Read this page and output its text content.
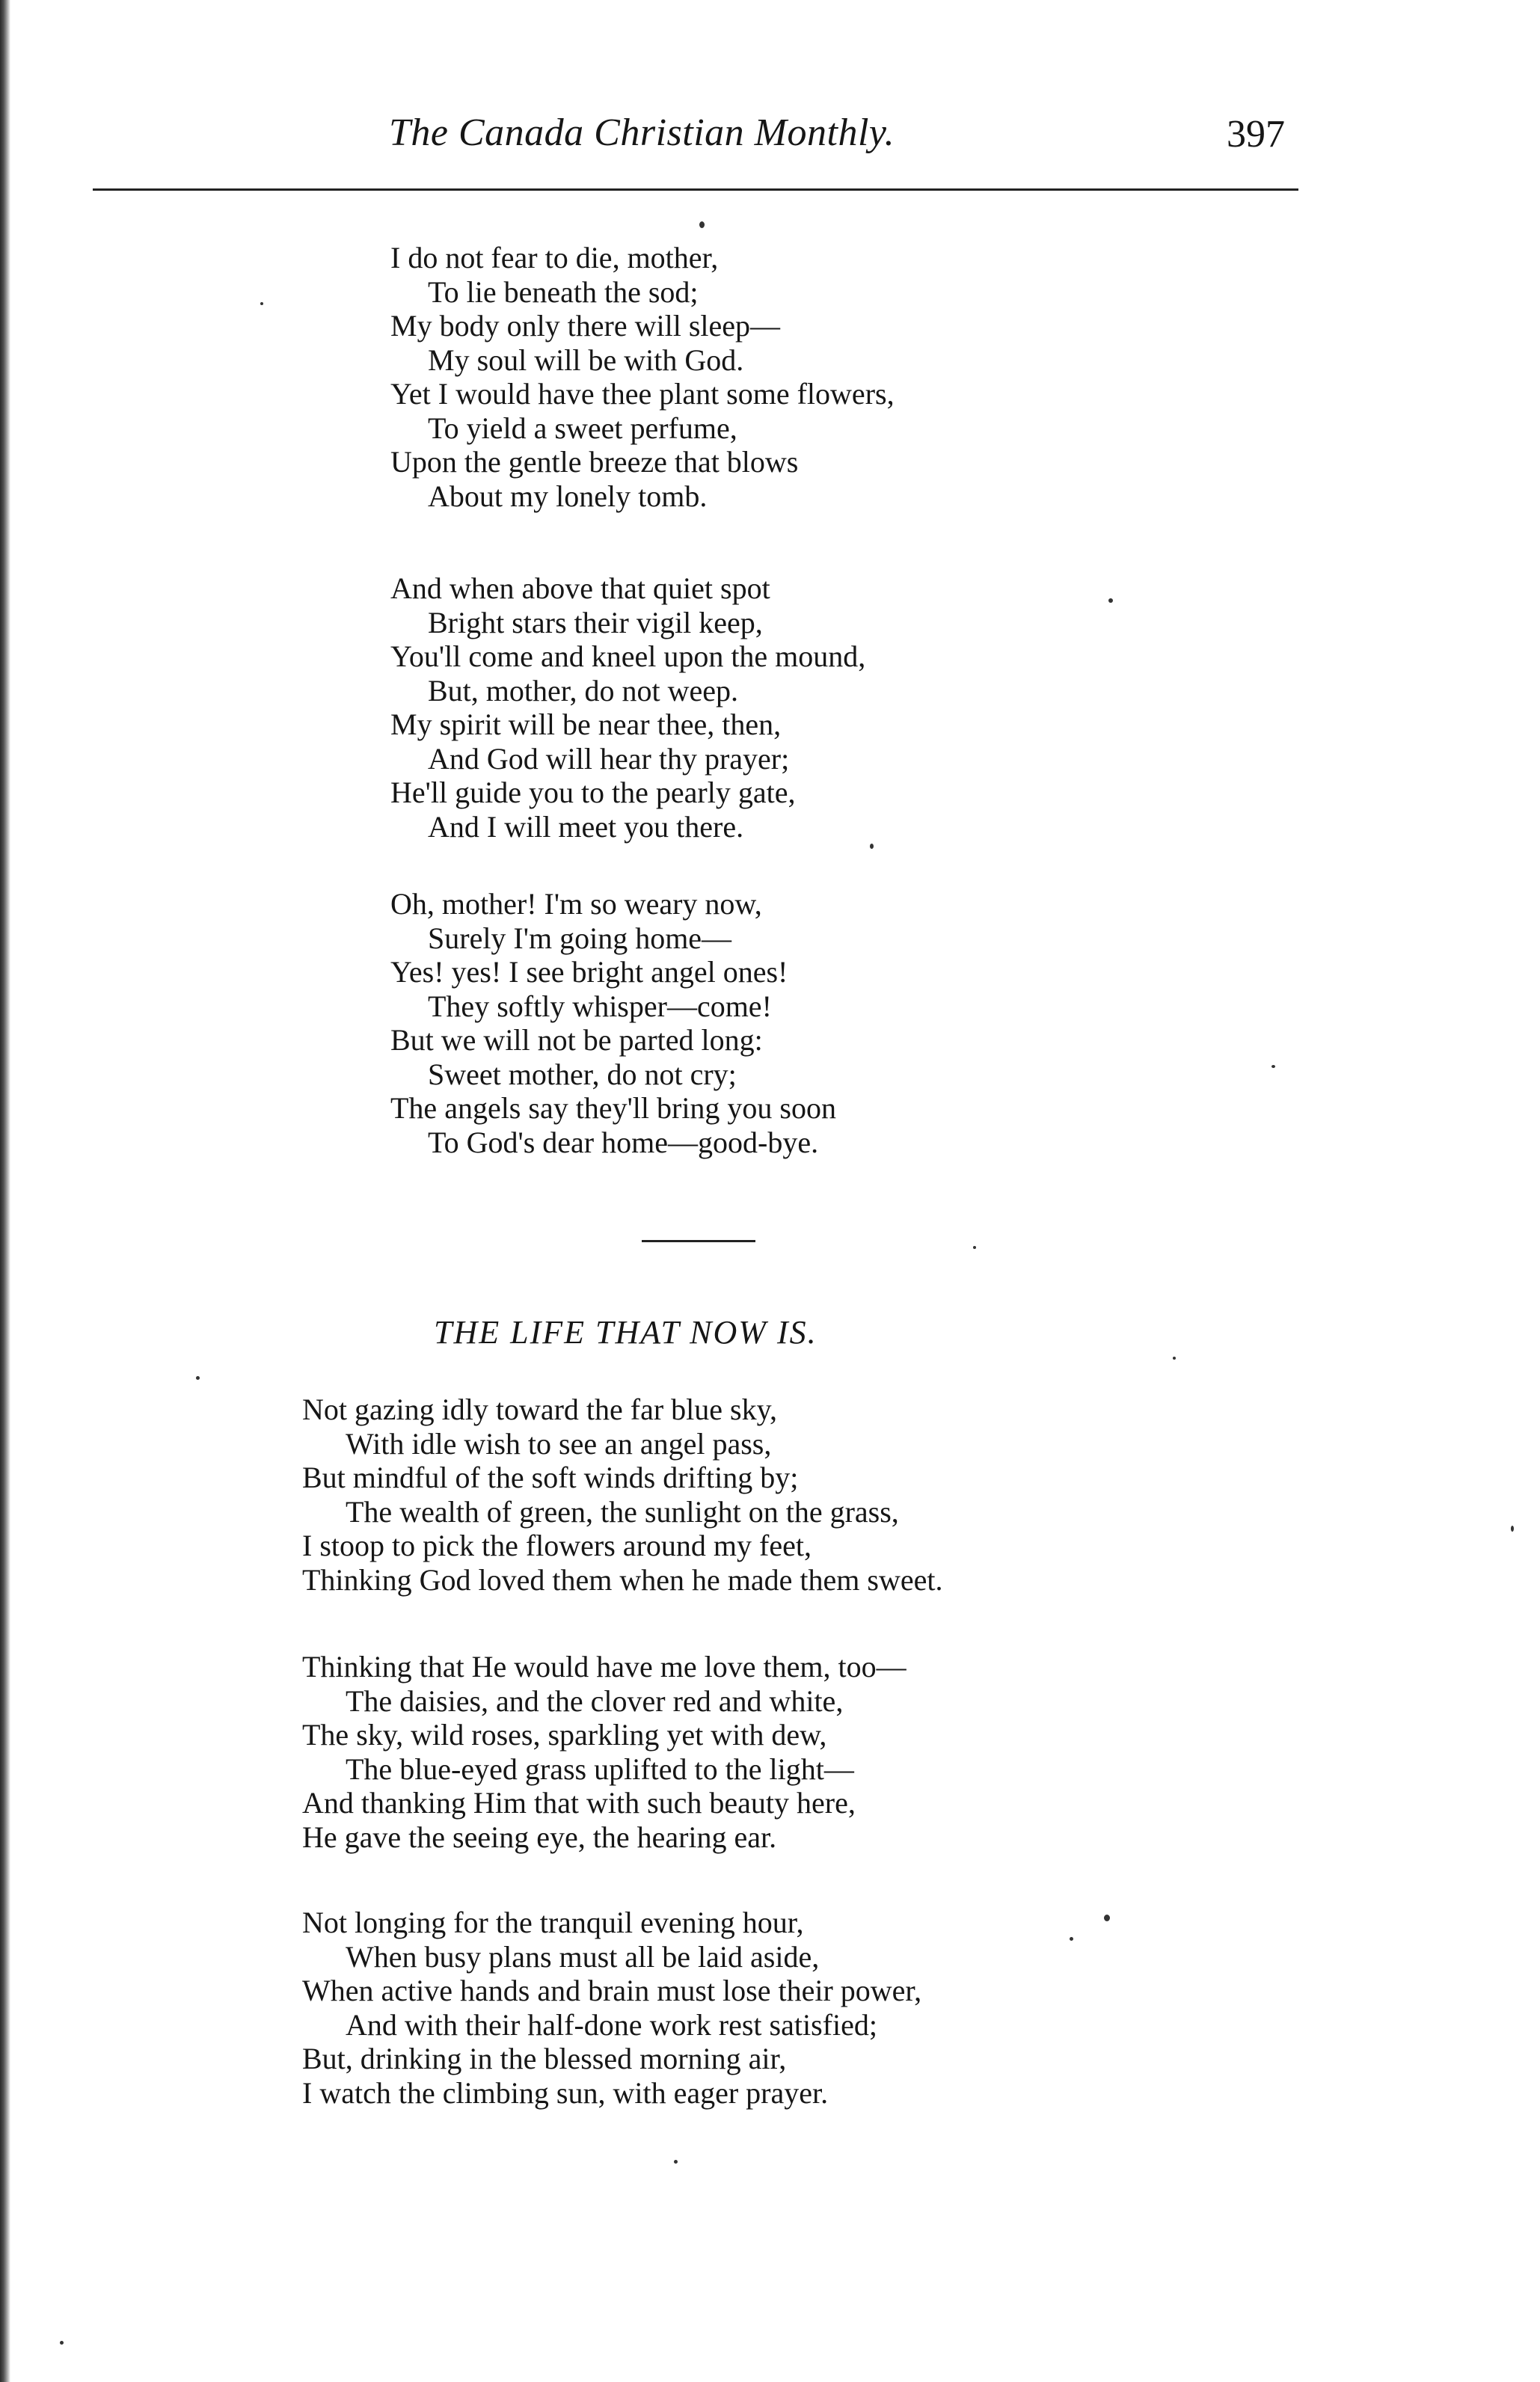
The Canada Christian Monthly.	397
I do not fear to die, mother,
To lie beneath the sod;
My body only there will sleep—
My soul will be with God.
Yet I would have thee plant some flowers,
To yield a sweet perfume,
Upon the gentle breeze that blows
About my lonely tomb.
And when above that quiet spot
Bright stars their vigil keep,
You'll come and kneel upon the mound,
But, mother, do not weep.
My spirit will be near thee, then,
And God will hear thy prayer;
He'll guide you to the pearly gate,
And I will meet you there.
Oh, mother! I'm so weary now,
Surely I'm going home—
Yes! yes! I see bright angel ones!
They softly whisper—come!
But we will not be parted long:
Sweet mother, do not cry;
The angels say they'll bring you soon
To God's dear home—good-bye.
THE LIFE THAT NOW IS.
Not gazing idly toward the far blue sky,
With idle wish to see an angel pass,
But mindful of the soft winds drifting by;
The wealth of green, the sunlight on the grass,
I stoop to pick the flowers around my feet,
Thinking God loved them when he made them sweet.
Thinking that He would have me love them, too—
The daisies, and the clover red and white,
The sky, wild roses, sparkling yet with dew,
The blue-eyed grass uplifted to the light—
And thanking Him that with such beauty here,
He gave the seeing eye, the hearing ear.
Not longing for the tranquil evening hour,
When busy plans must all be laid aside,
When active hands and brain must lose their power,
And with their half-done work rest satisfied;
But, drinking in the blessed morning air,
I watch the climbing sun, with eager prayer.
